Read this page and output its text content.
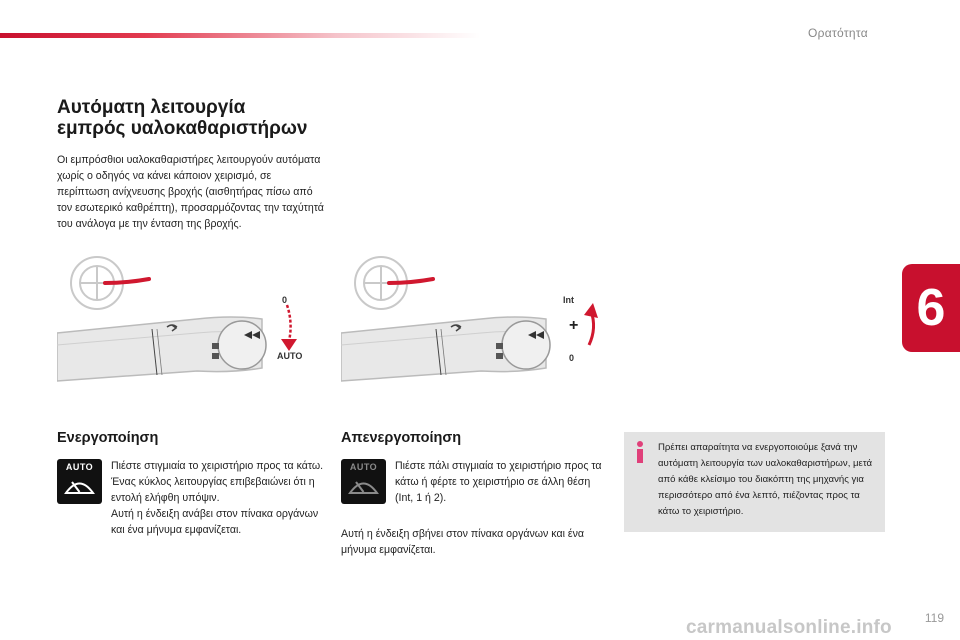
Ορατότητα
6
Αυτόματη λειτουργία
εμπρός υαλοκαθαριστήρων
Οι εμπρόσθιοι υαλοκαθαριστήρες λειτουργούν αυτόματα χωρίς ο οδηγός να κάνει κάποιον χειρισμό, σε περίπτωση ανίχνευσης βροχής (αισθητήρας πίσω από τον εσωτερικό καθρέπτη), προσαρμόζοντας την ταχύτητά του ανάλογα με την ένταση της βροχής.
0
AUTO
Int
+
0
Ενεργοποίηση
AUTO	Πιέστε στιγμιαία το χειριστήριο προς τα κάτω.
Ένας κύκλος λειτουργίας επιβεβαιώνει ότι η εντολή ελήφθη υπόψιν.
Αυτή η ένδειξη ανάβει στον πίνακα οργάνων και ένα μήνυμα εμφανίζεται.
Απενεργοποίηση
AUTO	Πιέστε πάλι στιγμιαία το χειριστήριο προς τα κάτω ή φέρτε το χειριστήριο σε άλλη θέση (Int, 1 ή 2).
Αυτή η ένδειξη σβήνει στον πίνακα οργάνων και ένα μήνυμα εμφανίζεται.
Πρέπει απαραίτητα να ενεργοποιούμε ξανά την αυτόματη λειτουργία των υαλοκαθαριστήρων, μετά από κάθε κλείσιμο του διακόπτη της μηχανής για περισσότερο από ένα λεπτό, πιέζοντας προς τα κάτω το χειριστήριο.
119
carmanualsonline.info
